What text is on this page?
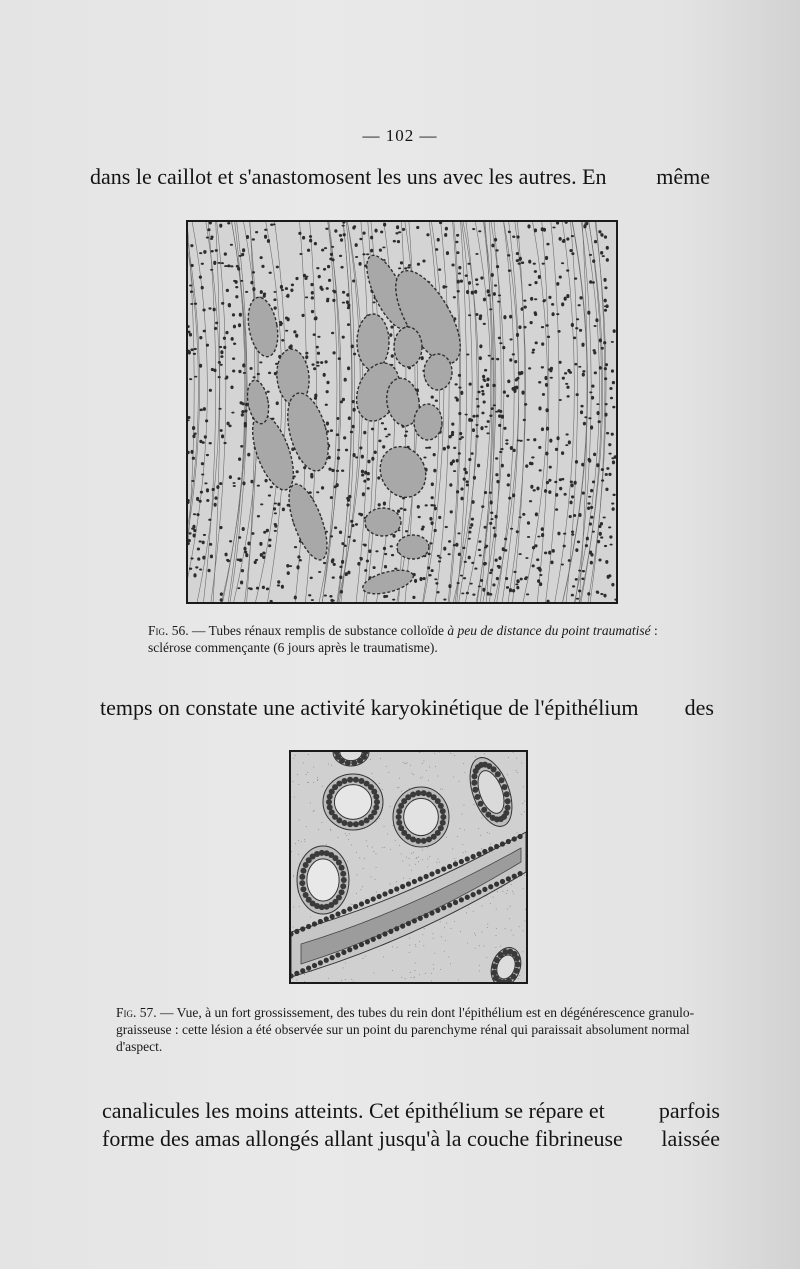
— 102 —
dans le caillot et s'anastomosent les uns avec les autres. En même
Fig. 56. — Tubes rénaux remplis de substance colloïde à peu de distance du point traumatisé : sclérose commençante (6 jours après le traumatisme).
temps on constate une activité karyokinétique de l'épithélium des
Fig. 57. — Vue, à un fort grossissement, des tubes du rein dont l'épithélium est en dégénérescence granulo-graisseuse : cette lésion a été observée sur un point du parenchyme rénal qui paraissait absolument normal d'aspect.
canalicules les moins atteints. Cet épithélium se répare et parfois
forme des amas allongés allant jusqu'à la couche fibrineuse laissée
